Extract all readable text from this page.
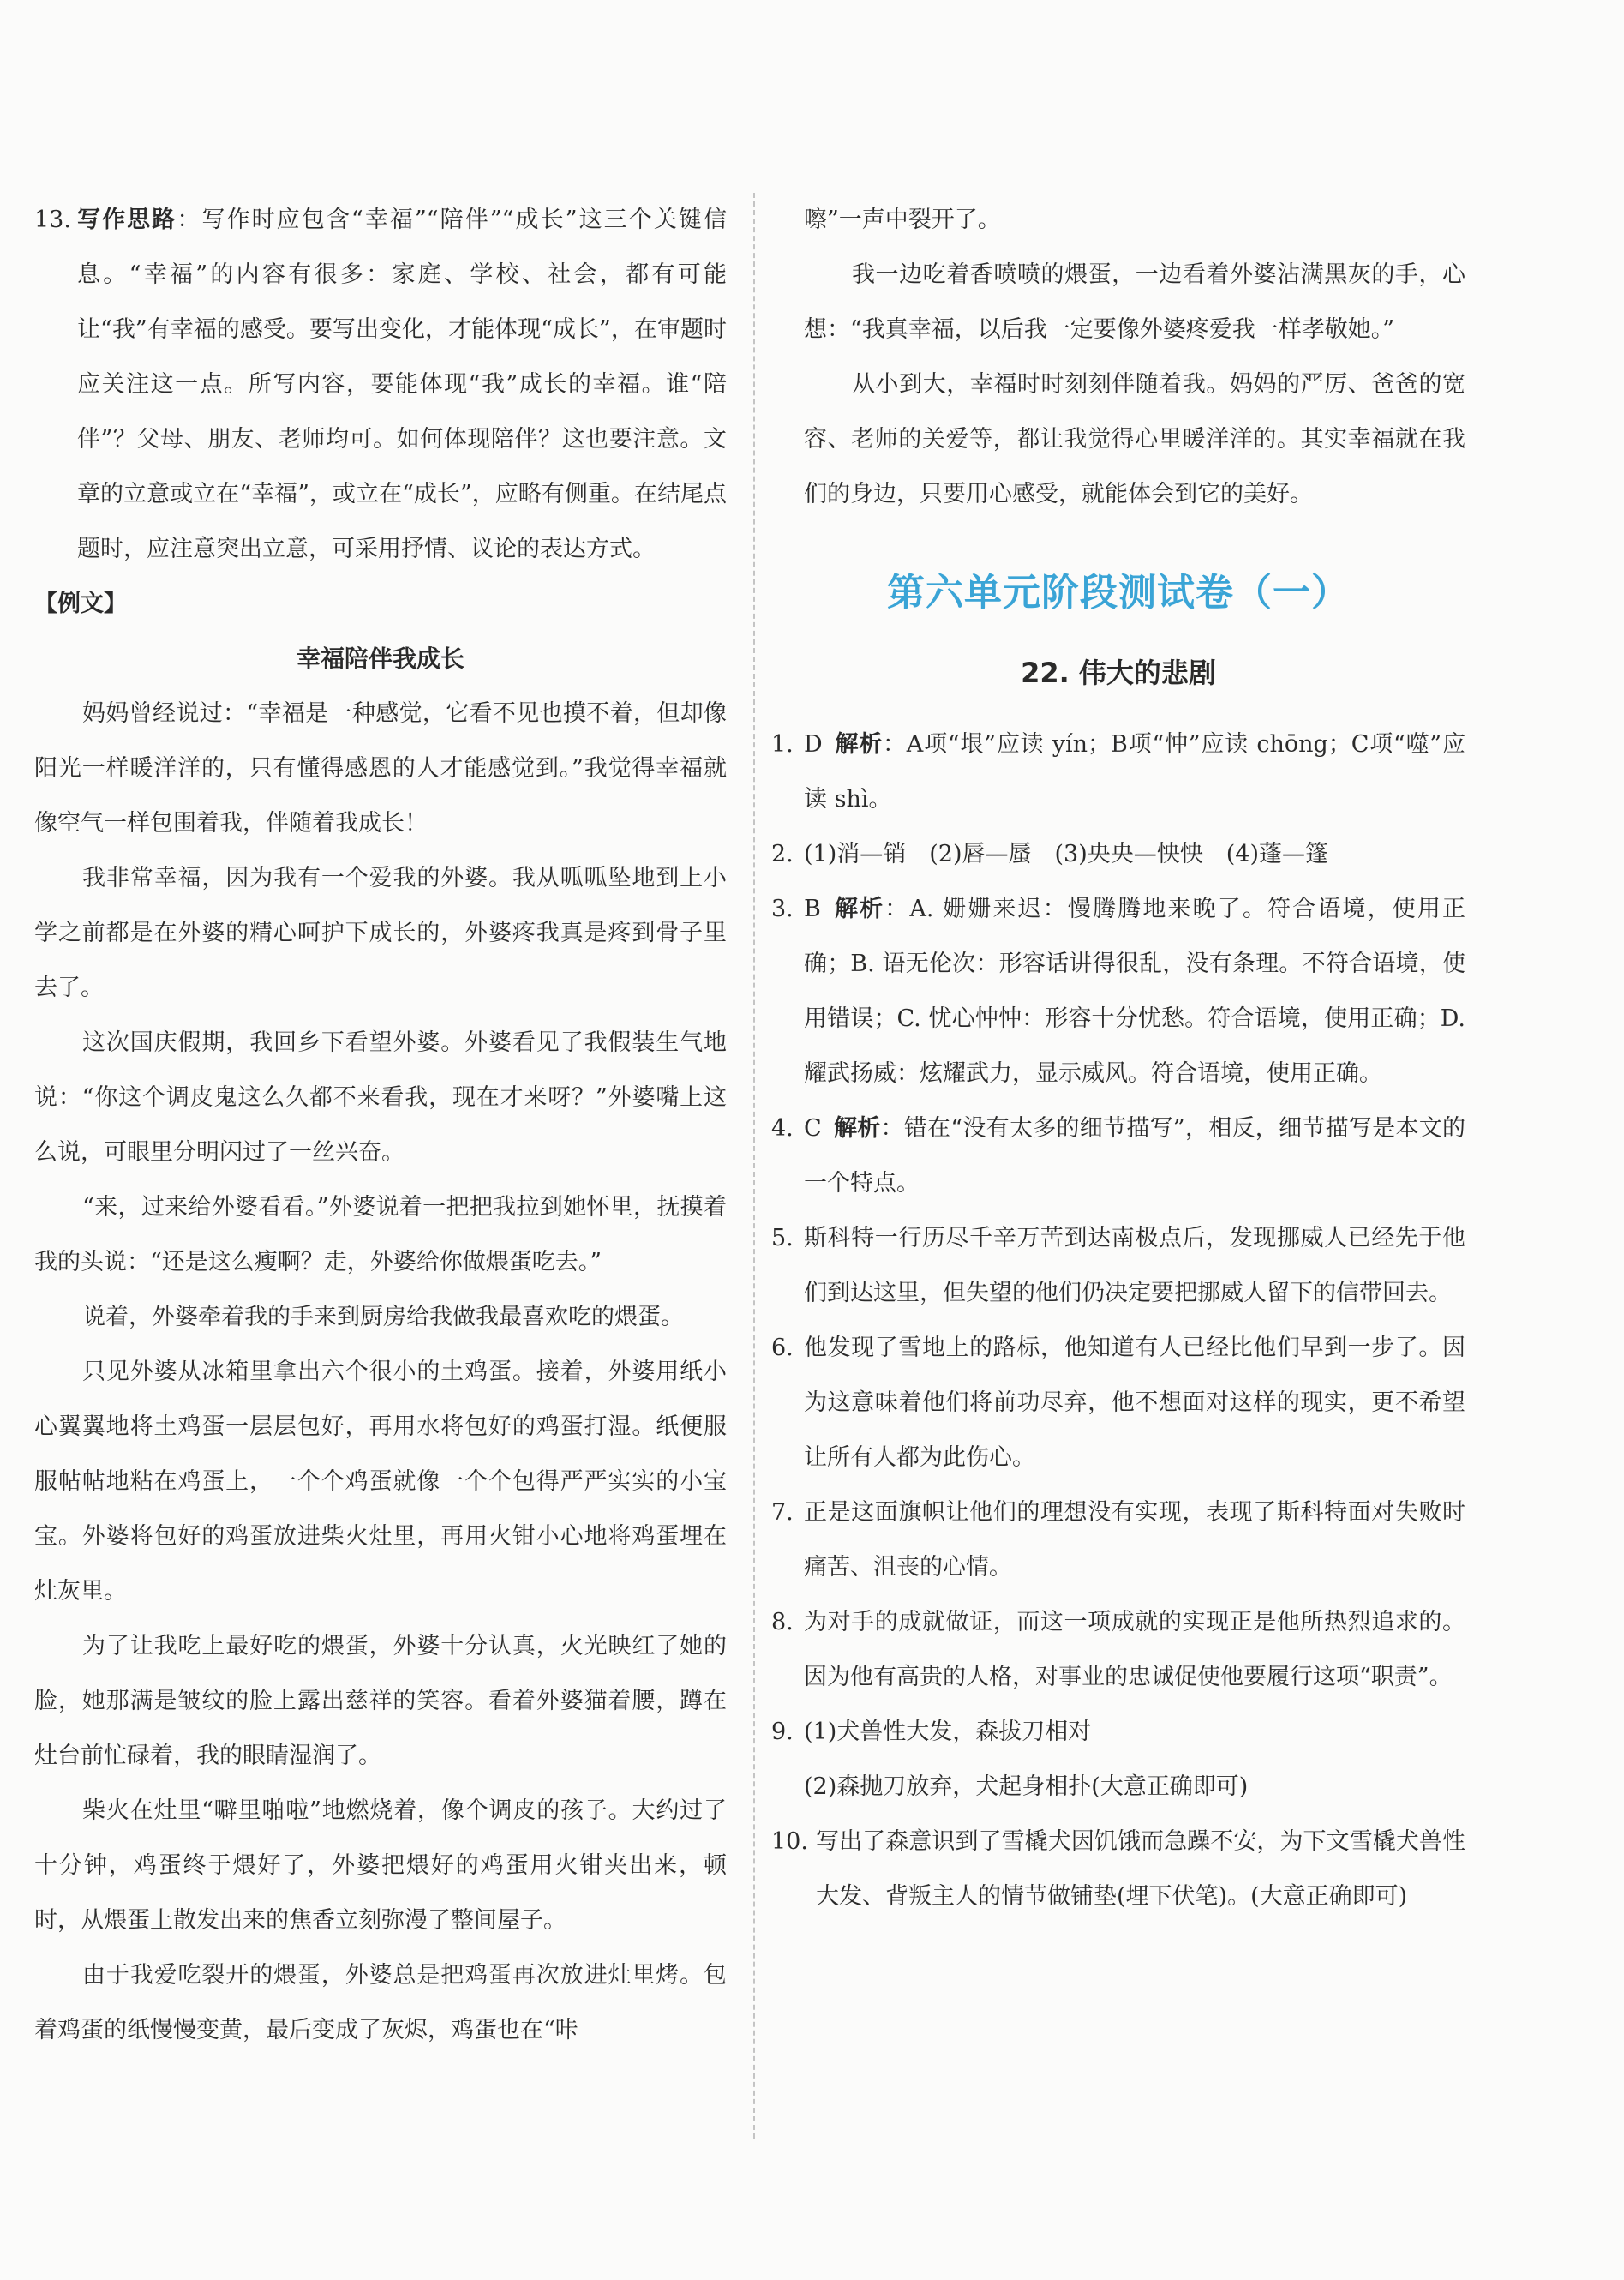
13. 写作思路：写作时应包含“幸福”“陪伴”“成长”这三个关键信息。“幸福”的内容有很多：家庭、学校、社会，都有可能让“我”有幸福的感受。要写出变化，才能体现“成长”，在审题时应关注这一点。所写内容，要能体现“我”成长的幸福。谁“陪伴”？父母、朋友、老师均可。如何体现陪伴？这也要注意。文章的立意或立在“幸福”，或立在“成长”，应略有侧重。在结尾点题时，应注意突出立意，可采用抒情、议论的表达方式。

【例文】

幸福陪伴我成长

妈妈曾经说过：“幸福是一种感觉，它看不见也摸不着，但却像阳光一样暖洋洋的，只有懂得感恩的人才能感觉到。”我觉得幸福就像空气一样包围着我，伴随着我成长！

我非常幸福，因为我有一个爱我的外婆。我从呱呱坠地到上小学之前都是在外婆的精心呵护下成长的，外婆疼我真是疼到骨子里去了。

这次国庆假期，我回乡下看望外婆。外婆看见了我假装生气地说：“你这个调皮鬼这么久都不来看我，现在才来呀？”外婆嘴上这么说，可眼里分明闪过了一丝兴奋。

“来，过来给外婆看看。”外婆说着一把把我拉到她怀里，抚摸着我的头说：“还是这么瘦啊？走，外婆给你做煨蛋吃去。”

说着，外婆牵着我的手来到厨房给我做我最喜欢吃的煨蛋。

只见外婆从冰箱里拿出六个很小的土鸡蛋。接着，外婆用纸小心翼翼地将土鸡蛋一层层包好，再用水将包好的鸡蛋打湿。纸便服服帖帖地粘在鸡蛋上，一个个鸡蛋就像一个个包得严严实实的小宝宝。外婆将包好的鸡蛋放进柴火灶里，再用火钳小心地将鸡蛋埋在灶灰里。

为了让我吃上最好吃的煨蛋，外婆十分认真，火光映红了她的脸，她那满是皱纹的脸上露出慈祥的笑容。看着外婆猫着腰，蹲在灶台前忙碌着，我的眼睛湿润了。

柴火在灶里“噼里啪啦”地燃烧着，像个调皮的孩子。大约过了十分钟，鸡蛋终于煨好了，外婆把煨好的鸡蛋用火钳夹出来，顿时，从煨蛋上散发出来的焦香立刻弥漫了整间屋子。

由于我爱吃裂开的煨蛋，外婆总是把鸡蛋再次放进灶里烤。包着鸡蛋的纸慢慢变黄，最后变成了灰烬，鸡蛋也在“咔

嚓”一声中裂开了。

我一边吃着香喷喷的煨蛋，一边看着外婆沾满黑灰的手，心想：“我真幸福，以后我一定要像外婆疼爱我一样孝敬她。”

从小到大，幸福时时刻刻伴随着我。妈妈的严厉、爸爸的宽容、老师的关爱等，都让我觉得心里暖洋洋的。其实幸福就在我们的身边，只要用心感受，就能体会到它的美好。

第六单元阶段测试卷（一）
22. 伟大的悲剧

1. D 解析：A项“垠”应读 yín；B项“忡”应读 chōng；C项“噬”应读 shì。

2. (1)消—销　(2)唇—蜃　(3)央央—怏怏　(4)蓬—篷

3. B 解析：A. 姗姗来迟：慢腾腾地来晚了。符合语境，使用正确；B. 语无伦次：形容话讲得很乱，没有条理。不符合语境，使用错误；C. 忧心忡忡：形容十分忧愁。符合语境，使用正确；D. 耀武扬威：炫耀武力，显示威风。符合语境，使用正确。

4. C 解析：错在“没有太多的细节描写”，相反，细节描写是本文的一个特点。

5. 斯科特一行历尽千辛万苦到达南极点后，发现挪威人已经先于他们到达这里，但失望的他们仍决定要把挪威人留下的信带回去。

6. 他发现了雪地上的路标，他知道有人已经比他们早到一步了。因为这意味着他们将前功尽弃，他不想面对这样的现实，更不希望让所有人都为此伤心。

7. 正是这面旗帜让他们的理想没有实现，表现了斯科特面对失败时痛苦、沮丧的心情。

8. 为对手的成就做证，而这一项成就的实现正是他所热烈追求的。因为他有高贵的人格，对事业的忠诚促使他要履行这项“职责”。

9. (1)犬兽性大发，森拔刀相对

(2)森抛刀放弃，犬起身相扑(大意正确即可)

10. 写出了森意识到了雪橇犬因饥饿而急躁不安，为下文雪橇犬兽性大发、背叛主人的情节做铺垫(埋下伏笔)。(大意正确即可)
